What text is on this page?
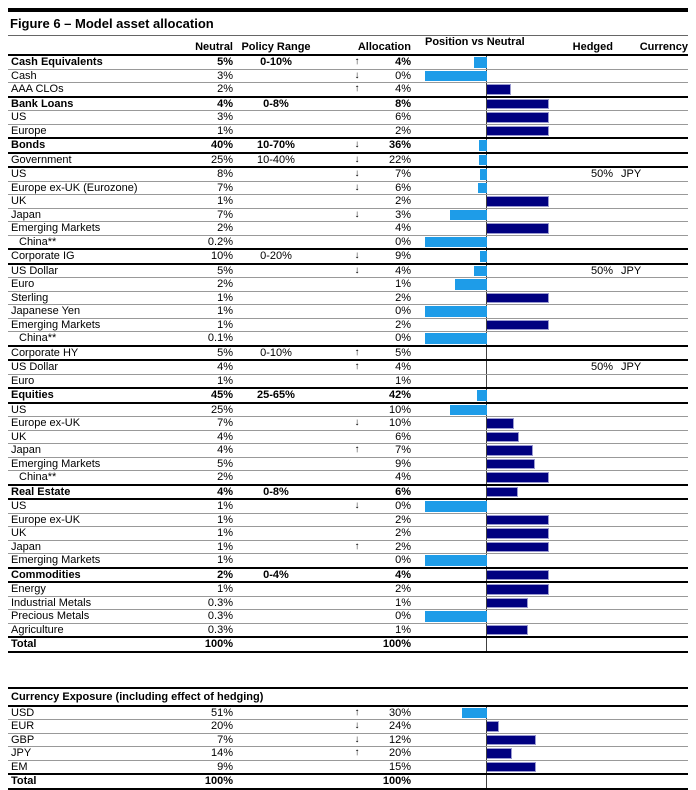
Figure 6 – Model asset allocation
Neutral Policy Range	Allocation Position vs Neutral	Hedged	Currency
Cash Equivalents	5%	0-10%	↑	4%
Cash	3%	↓	0%
AAA CLOs	2%	↑	4%
Bank Loans	4%	0-8%	8%
US	3%	6%
Europe	1%	2%
Bonds	40%	10-70%	↓	36%
Government	25%	10-40%	↓	22%
US	8%	↓	7%	50% JPY
Europe ex-UK (Eurozone)	7%	↓	6%
UK	1%	2%
Japan	7%	↓	3%
Emerging Markets	2%	4%
China**	0.2%	0%
Corporate IG	10%	0-20%	↓	9%
US Dollar	5%	↓	4%	50% JPY
Euro	2%	1%
Sterling	1%	2%
Japanese Yen	1%	0%
Emerging Markets	1%	2%
China**	0.1%	0%
Corporate HY	5%	0-10%	↑	5%
US Dollar	4%	↑	4%	50% JPY
Euro	1%	1%
Equities	45%	25-65%	42%
US	25%	10%
Europe ex-UK	7%	↓	10%
UK	4%	6%
Japan	4%	↑	7%
Emerging Markets	5%	9%
China**	2%	4%
Real Estate	4%	0-8%	6%
US	1%	↓	0%
Europe ex-UK	1%	2%
UK	1%	2%
Japan	1%	↑	2%
Emerging Markets	1%	0%
Commodities	2%	0-4%	4%
Energy	1%	2%
Industrial Metals	0.3%	1%
Precious Metals	0.3%	0%
Agriculture	0.3%	1%
Total	100%	100%
Currency Exposure (including effect of hedging)
USD	51%	↑	30%
EUR	20%	↓	24%
GBP	7%	↓	12%
JPY	14%	↑	20%
EM	9%	15%
Total	100%	100%
